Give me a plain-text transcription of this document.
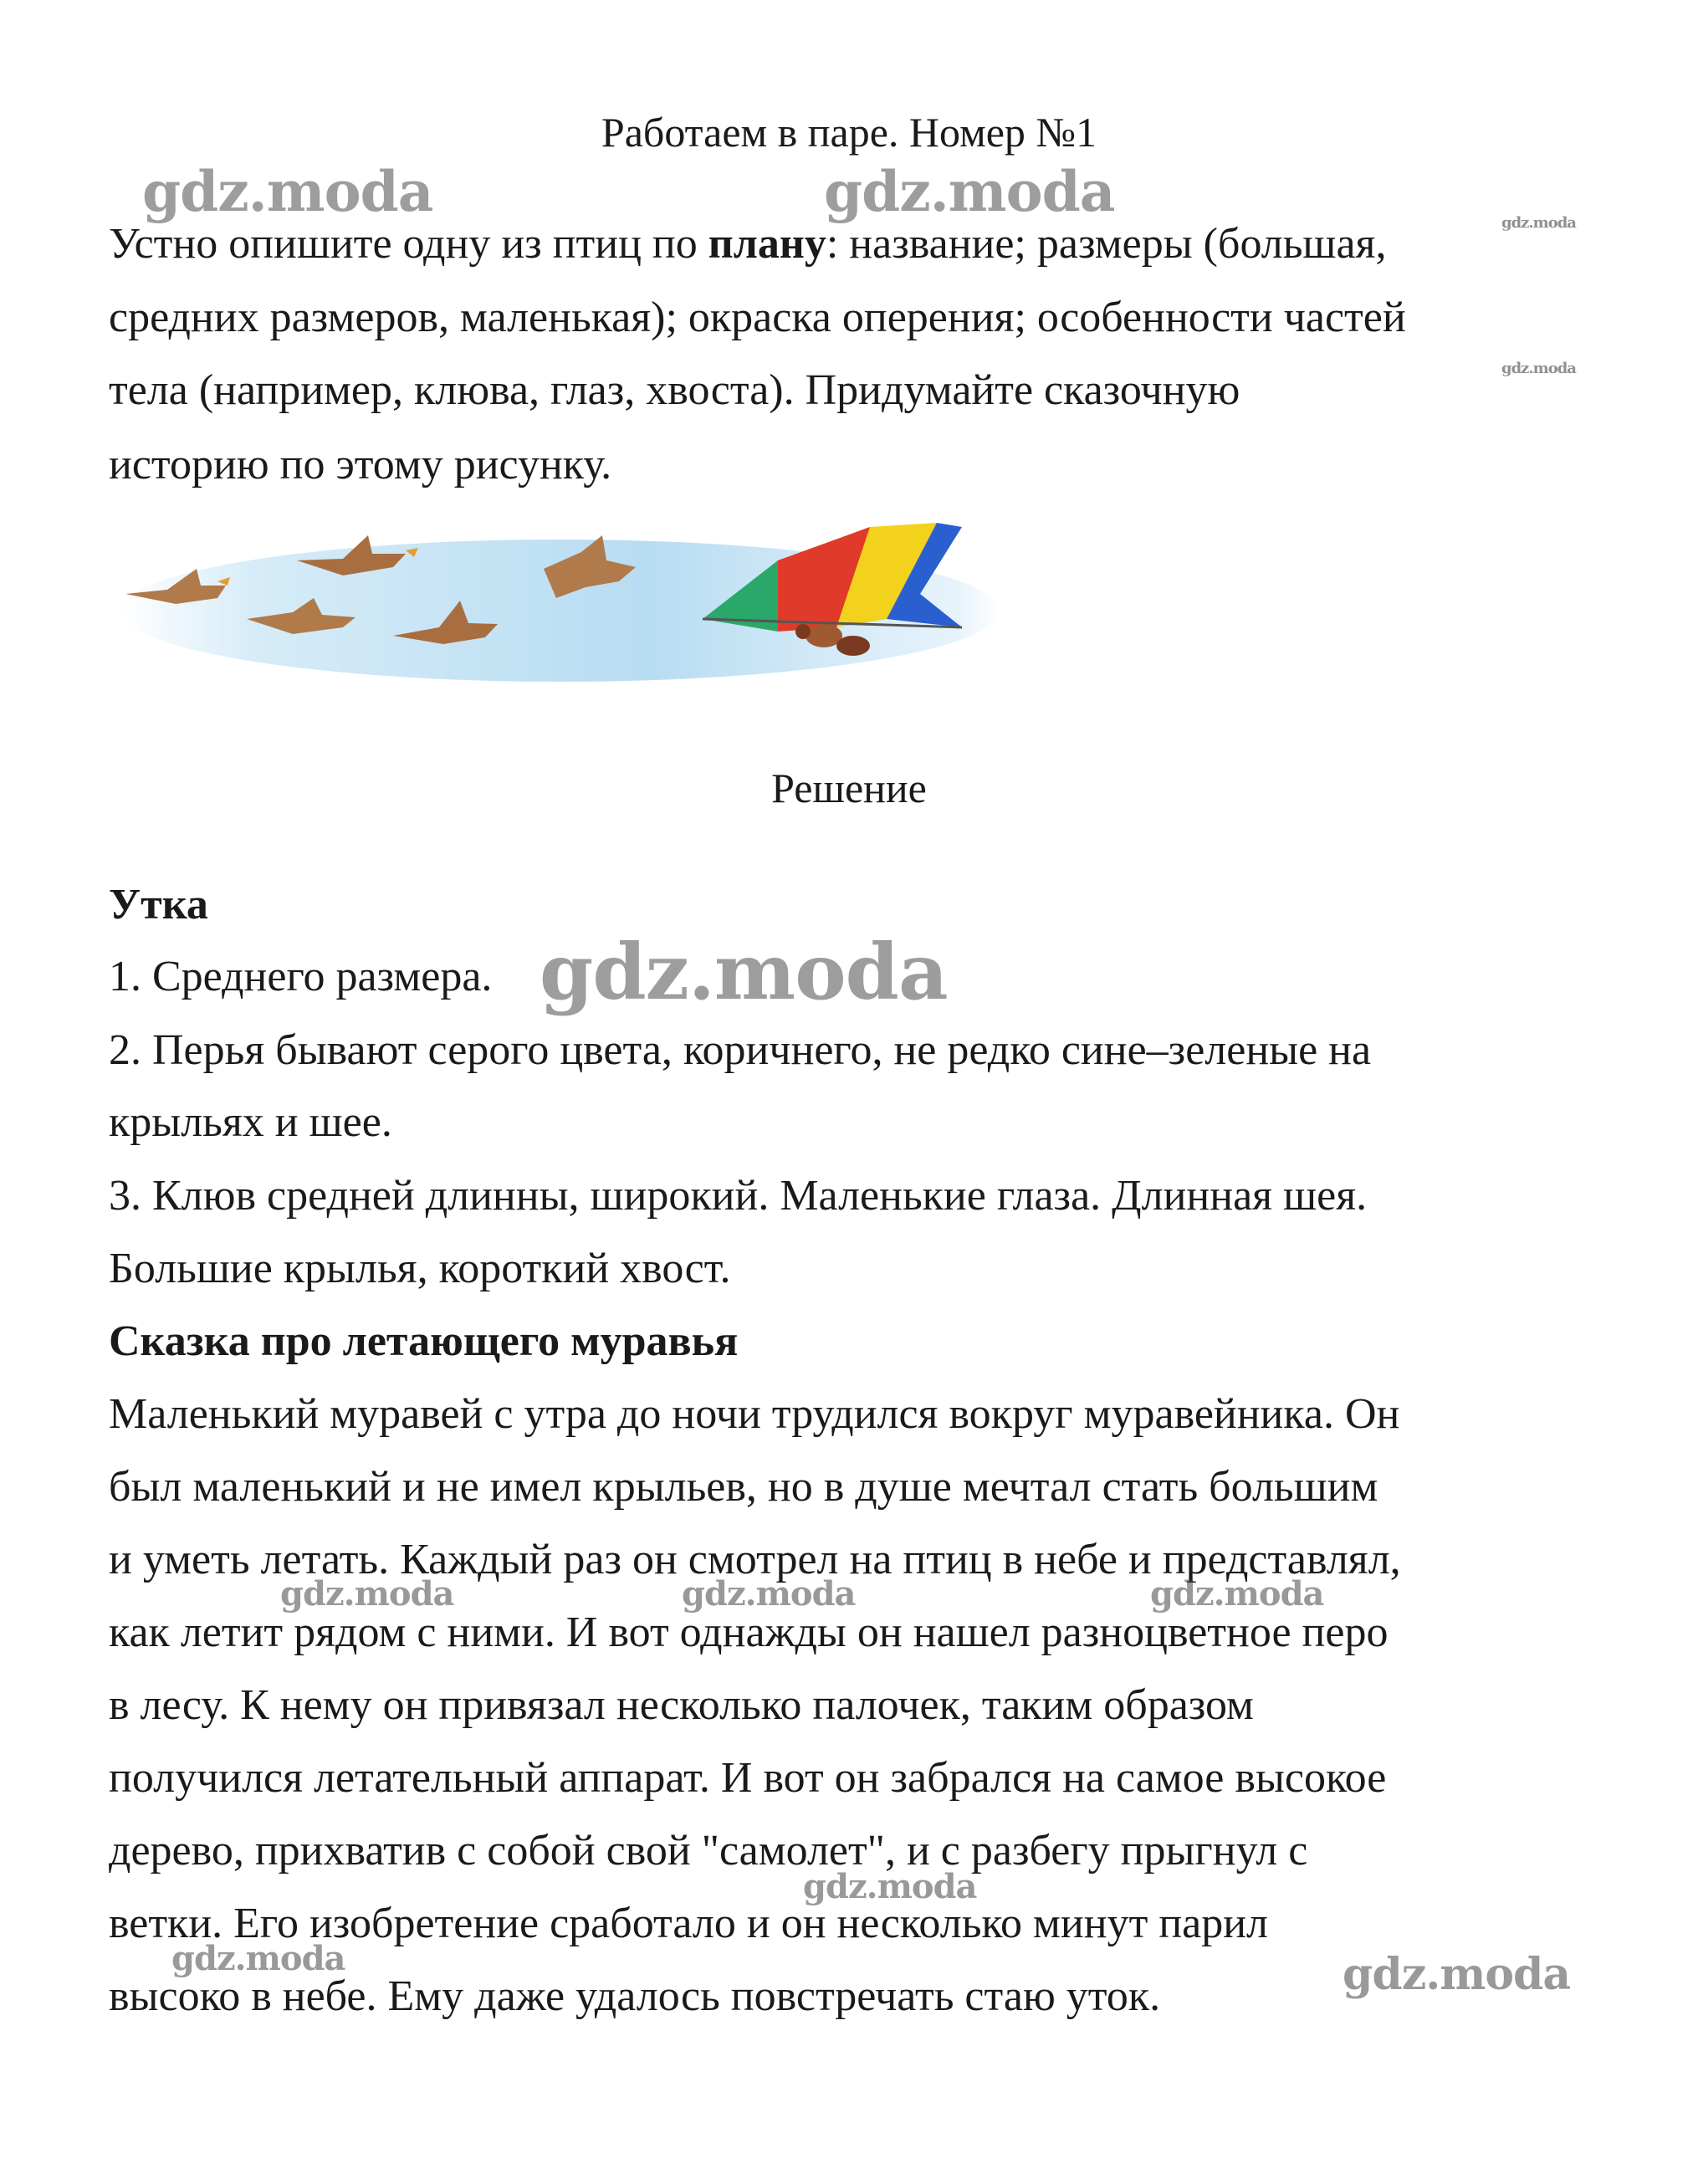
Работаем в паре. Номер №1
Устно опишите одну из птиц по плану: название; размеры (большая,
средних размеров, маленькая); окраска оперения; особенности частей
тела (например, клюва, глаз, хвоста). Придумайте сказочную
историю по этому рисунку.
Решение
Утка
1. Среднего размера.
2. Перья бывают серого цвета, коричнего, не редко сине–зеленые на
крыльях и шее.
3. Клюв средней длинны, широкий. Маленькие глаза. Длинная шея.
Большие крылья, короткий хвост.
Сказка про летающего муравья
Маленький муравей с утра до ночи трудился вокруг муравейника. Он
был маленький и не имел крыльев, но в душе мечтал стать большим
и уметь летать. Каждый раз он смотрел на птиц в небе и представлял,
как летит рядом с ними. И вот однажды он нашел разноцветное перо
в лесу. К нему он привязал несколько палочек, таким образом
получился летательный аппарат. И вот он забрался на самое высокое
дерево, прихватив с собой свой "самолет", и с разбегу прыгнул с
ветки. Его изобретение сработало и он несколько минут парил
высоко в небе. Ему даже удалось повстречать стаю уток.
gdz.moda	gdz.moda	gdz.moda
gdz.moda
gdz.moda
gdz.moda	gdz.moda	gdz.moda
gdz.moda
gdz.moda	gdz.moda
